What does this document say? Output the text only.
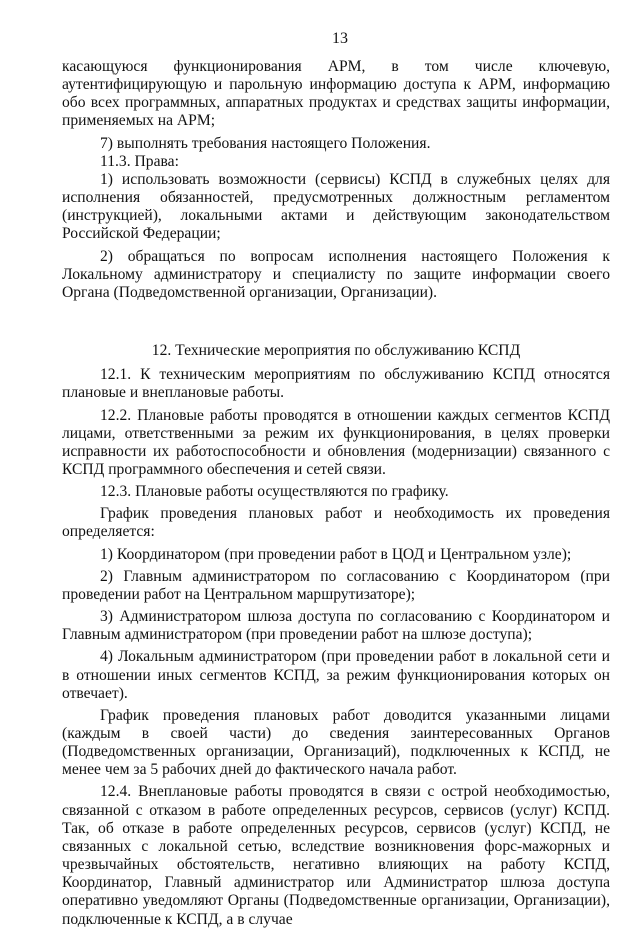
13

касающуюся функционирования АРМ, в том числе ключевую, аутентифицирующую и парольную информацию доступа к АРМ, информацию обо всех программных, аппаратных продуктах и средствах защиты информации, применяемых на АРМ;

7) выполнять требования настоящего Положения.

11.3. Права:

1) использовать возможности (сервисы) КСПД в служебных целях для исполнения обязанностей, предусмотренных должностным регламентом (инструкцией), локальными актами и действующим законодательством Российской Федерации;

2) обращаться по вопросам исполнения настоящего Положения к Локальному администратору и специалисту по защите информации своего Органа (Подведомственной организации, Организации).

12. Технические мероприятия по обслуживанию КСПД

12.1. К техническим мероприятиям по обслуживанию КСПД относятся плановые и внеплановые работы.

12.2. Плановые работы проводятся в отношении каждых сегментов КСПД лицами, ответственными за режим их функционирования, в целях проверки исправности их работоспособности и обновления (модернизации) связанного с КСПД программного обеспечения и сетей связи.

12.3. Плановые работы осуществляются по графику.

График проведения плановых работ и необходимость их проведения определяется:

1) Координатором (при проведении работ в ЦОД и Центральном узле);

2) Главным администратором по согласованию с Координатором (при проведении работ на Центральном маршрутизаторе);

3) Администратором шлюза доступа по согласованию с Координатором и Главным администратором (при проведении работ на шлюзе доступа);

4) Локальным администратором (при проведении работ в локальной сети и в отношении иных сегментов КСПД, за режим функционирования которых он отвечает).

График проведения плановых работ доводится указанными лицами (каждым в своей части) до сведения заинтересованных Органов (Подведомственных организации, Организаций), подключенных к КСПД, не менее чем за 5 рабочих дней до фактического начала работ.

12.4. Внеплановые работы проводятся в связи с острой необходимостью, связанной с отказом в работе определенных ресурсов, сервисов (услуг) КСПД. Так, об отказе в работе определенных ресурсов, сервисов (услуг) КСПД, не связанных с локальной сетью, вследствие возникновения форс-мажорных и чрезвычайных обстоятельств, негативно влияющих на работу КСПД, Координатор, Главный администратор или Администратор шлюза доступа оперативно уведомляют Органы (Подведомственные организации, Организации), подключенные к КСПД, а в случае
